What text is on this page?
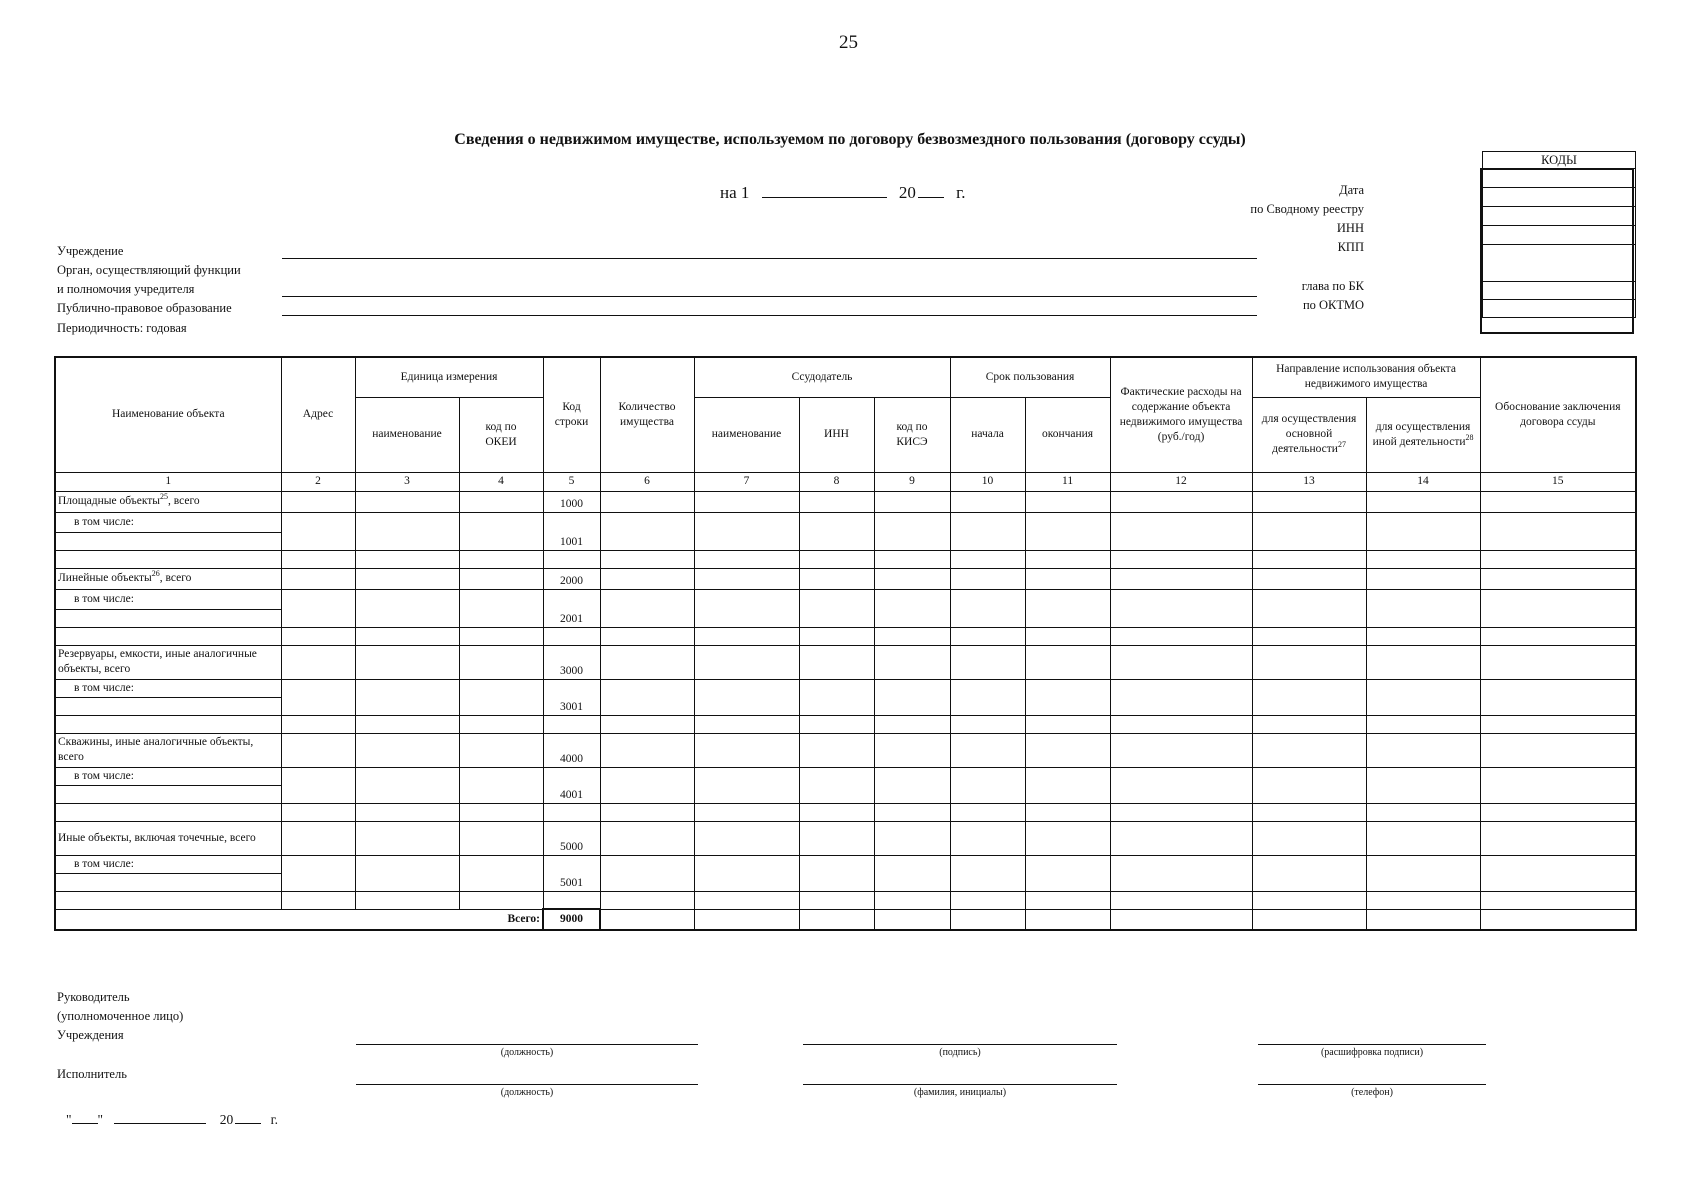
25
Сведения о недвижимом имуществе, используемом по договору безвозмездного пользования (договору ссуды)
на 1	20 г.
Учреждение
Орган, осуществляющий функции
и полномочия учредителя
Публично-правовое образование
Периодичность: годовая
Дата
по Сводному реестру
ИНН
КПП
глава по БК
по ОКТМО
КОДЫ

Наименование объекта	Адрес	Единица измерения		Код строки	Количество имущества	Ссудодатель			Срок пользования		Фактические расходы на содержание объекта недвижимого имущества (руб./год)	Направление использования объекта недвижимого имущества		Обоснование заключения договора ссуды
		наименование	код по ОКЕИ			наименование	ИНН	код по КИСЭ	начала	окончания		для осуществления основной деятельности$^{27}$	для осуществления иной деятельности$^{28}$
1	2	3	4	5	6	7	8	9	10	11	12	13	14	15
Площадные объекты$^{25}$, всего				1000										
в том числе:				1001										

Линейные объекты$^{26}$, всего				2000										
в том числе:				2001										

Резервуары, емкости, иные аналогичные объекты, всего				3000										
в том числе:				3001										

Скважины, иные аналогичные объекты, всего				4000										
в том числе:				4001										

Иные объекты, включая точечные, всего				5000										
в том числе:				5001										

Всего:				9000										
Руководитель
(уполномоченное лицо)
Учреждения
(должность)	(подпись)	(расшифровка подписи)
Исполнитель
(должность)	(фамилия, инициалы)	(телефон)
" "	20	г.
